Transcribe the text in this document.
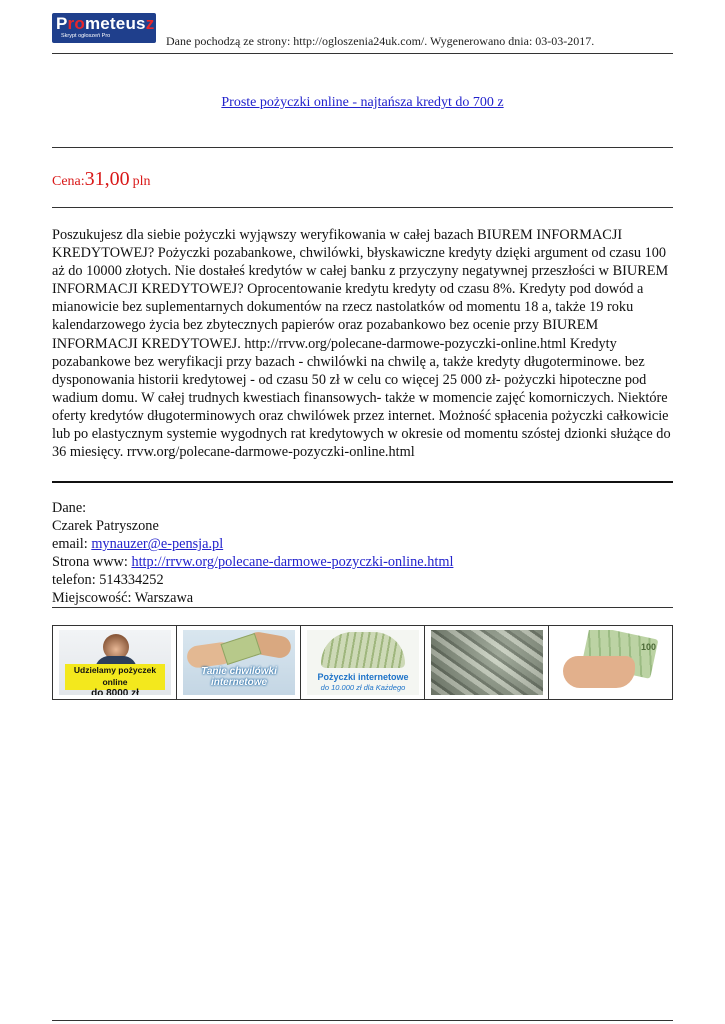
Prometeusz
Skrypt ogłoszeń Pro	Dane pochodzą ze strony: http://ogloszenia24uk.com/. Wygenerowano dnia: 03-03-2017.
Proste pożyczki online - najtańsza kredyt do 700 z
Cena:31,00 pln
Poszukujesz dla siebie pożyczki wyjąwszy weryfikowania w całej bazach BIUREM INFORMACJI KREDYTOWEJ? Pożyczki pozabankowe, chwilówki, błyskawiczne kredyty dzięki argument od czasu 100 aż do 10000 złotych. Nie dostałeś kredytów w całej banku z przyczyny negatywnej przeszłości w BIUREM INFORMACJI KREDYTOWEJ? Oprocentowanie kredytu kredyty od czasu 8%. Kredyty pod dowód a mianowicie bez suplementarnych dokumentów na rzecz nastolatków od momentu 18 a, także 19 roku kalendarzowego życia bez zbytecznych papierów oraz pozabankowo bez ocenie przy BIUREM INFORMACJI KREDYTOWEJ. http://rrvw.org/polecane-darmowe-pozyczki-online.html Kredyty pozabankowe bez weryfikacji przy bazach - chwilówki na chwilę a, także kredyty długoterminowe. bez dysponowania historii kredytowej - od czasu 50 zł w celu co więcej 25 000 zł- pożyczki hipoteczne pod wadium domu. W całej trudnych kwestiach finansowych- także w momencie zajęć komorniczych. Niektóre oferty kredytów długoterminowych oraz chwilówek przez internet. Możność spłacenia pożyczki całkowicie lub po elastycznym systemie wygodnych rat kredytowych w okresie od momentu szóstej dzionki służące do 36 miesięcy. rrvw.org/polecane-darmowe-pozyczki-online.html
Dane:
Czarek Patryszone
email: mynauzer@e-pensja.pl
Strona www: http://rrvw.org/polecane-darmowe-pozyczki-online.html
telefon: 514334252
Miejscowość: Warszawa
Udzielamy pożyczek online
do 8000 zł
Tanie chwilówki
internetowe	Pożyczki internetowe
do 10.000 zł dla Każdego
100
